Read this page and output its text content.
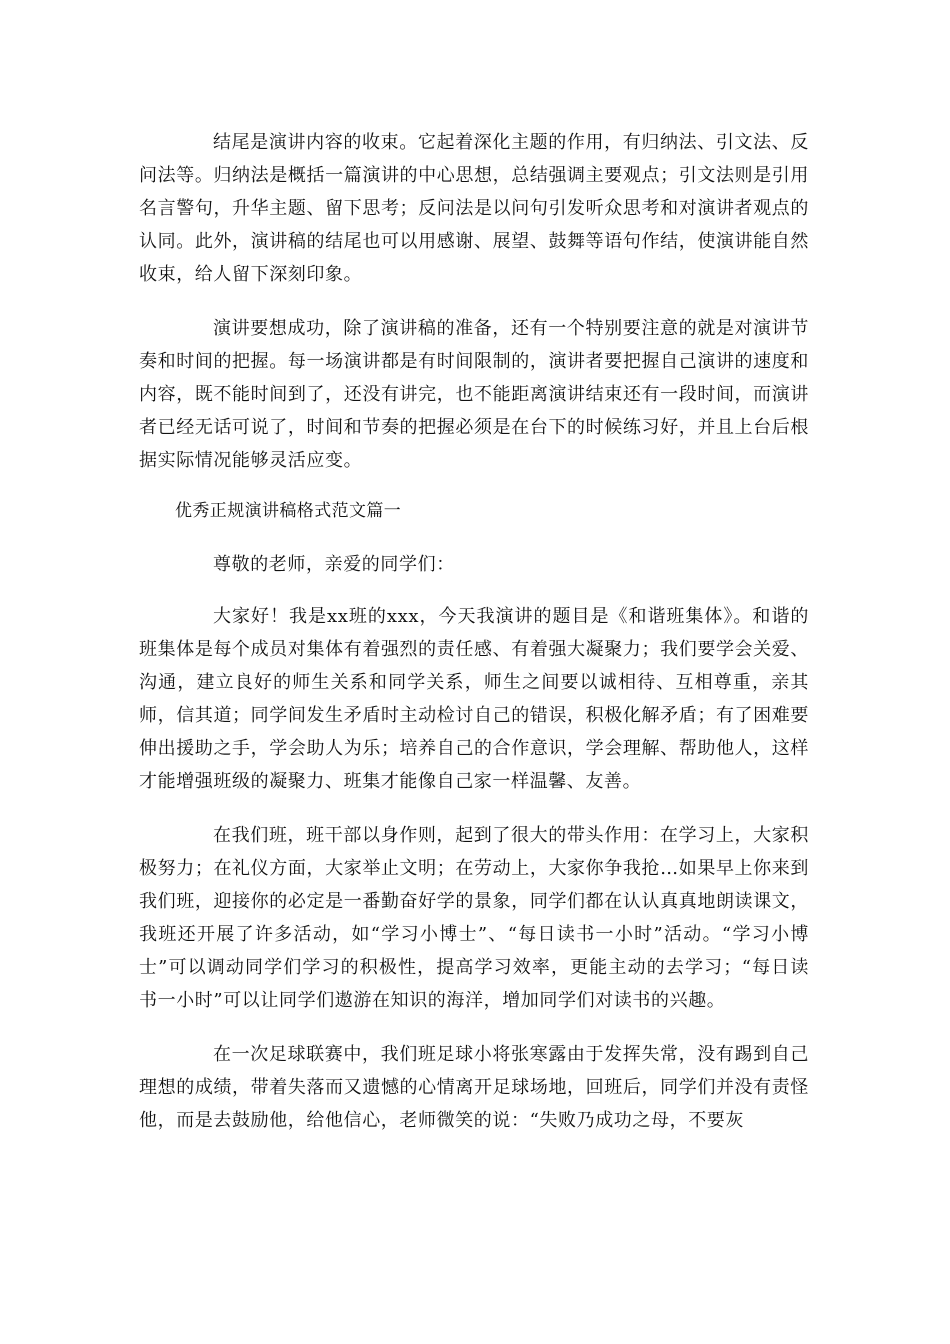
结尾是演讲内容的收束。它起着深化主题的作用，有归纳法、引文法、反问法等。归纳法是概括一篇演讲的中心思想，总结强调主要观点；引文法则是引用名言警句，升华主题、留下思考；反问法是以问句引发听众思考和对演讲者观点的认同。此外，演讲稿的结尾也可以用感谢、展望、鼓舞等语句作结，使演讲能自然收束，给人留下深刻印象。

演讲要想成功，除了演讲稿的准备，还有一个特别要注意的就是对演讲节奏和时间的把握。每一场演讲都是有时间限制的，演讲者要把握自己演讲的速度和内容，既不能时间到了，还没有讲完，也不能距离演讲结束还有一段时间，而演讲者已经无话可说了，时间和节奏的把握必须是在台下的时候练习好，并且上台后根据实际情况能够灵活应变。

优秀正规演讲稿格式范文篇一

尊敬的老师，亲爱的同学们：

大家好！我是xx班的xxx，今天我演讲的题目是《和谐班集体》。和谐的班集体是每个成员对集体有着强烈的责任感、有着强大凝聚力；我们要学会关爱、沟通，建立良好的师生关系和同学关系，师生之间要以诚相待、互相尊重，亲其师，信其道；同学间发生矛盾时主动检讨自己的错误，积极化解矛盾；有了困难要伸出援助之手，学会助人为乐；培养自己的合作意识，学会理解、帮助他人，这样才能增强班级的凝聚力、班集才能像自己家一样温馨、友善。

在我们班，班干部以身作则，起到了很大的带头作用：在学习上，大家积极努力；在礼仪方面，大家举止文明；在劳动上，大家你争我抢…如果早上你来到我们班，迎接你的必定是一番勤奋好学的景象，同学们都在认认真真地朗读课文，我班还开展了许多活动，如“学习小博士”、“每日读书一小时”活动。“学习小博士”可以调动同学们学习的积极性，提高学习效率，更能主动的去学习；“每日读书一小时”可以让同学们遨游在知识的海洋，增加同学们对读书的兴趣。

在一次足球联赛中，我们班足球小将张寒露由于发挥失常，没有踢到自己理想的成绩，带着失落而又遗憾的心情离开足球场地，回班后，同学们并没有责怪他，而是去鼓励他，给他信心，老师微笑的说：“失败乃成功之母，不要灰
